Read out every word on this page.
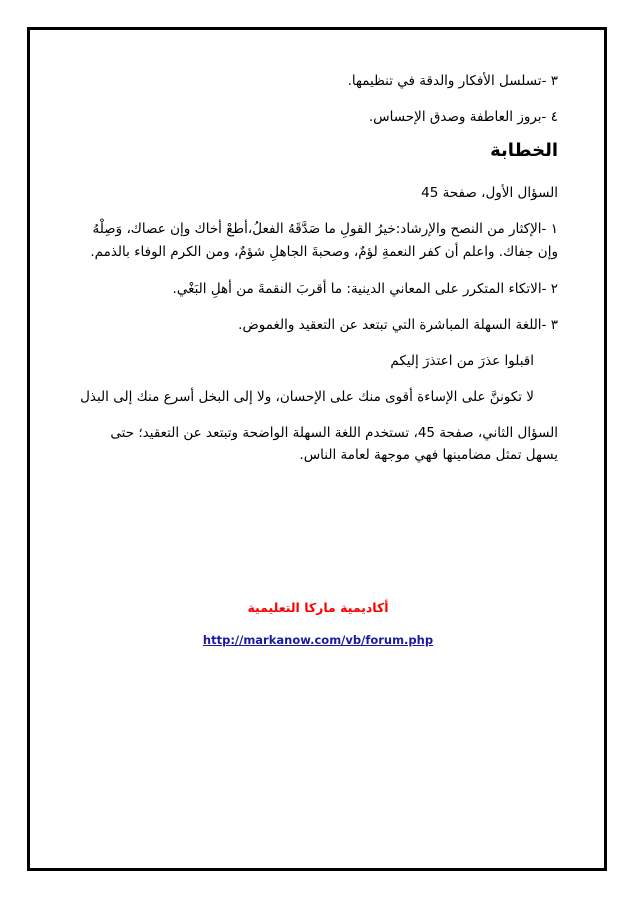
٣ -تسلسل الأفكار والدقة في تنظيمها.

٤ -بروز العاطفة وصدق الإحساس.

الخطابة

السؤال الأول، صفحة 45

١ -الإكثار من النصح والإرشاد:خيرُ القولِ ما صَدَّقَهُ الفعلُ،أطعْ أخاك وإن عصاك، وَصِلْهُ وإن جفاك. واعلم أن كفر النعمةِ لؤمٌ، وصحبةَ الجاهلِ شؤمٌ، ومن الكرم الوفاء بالذمم.

٢ -الاتكاء المتكرر على المعاني الدينية: ما أقربَ النقمةَ من أهلِ البَغْي.

٣ -اللغة السهلة المباشرة التي تبتعد عن التعقيد والغموض.

اقبلوا عذرَ من اعتذرَ إليكم

لا تكوننَّ على الإساءة أقوى منك على الإحسان، ولا إلى البخل أسرع منك إلى البذل

السؤال الثاني، صفحة 45، تستخدم اللغة السهلة الواضحة وتبتعد عن التعقيد؛ حتى يسهل تمثل مضامينها فهي موجهة لعامة الناس.

أكاديمية ماركا التعليمية
http://markanow.com/vb/forum.php
